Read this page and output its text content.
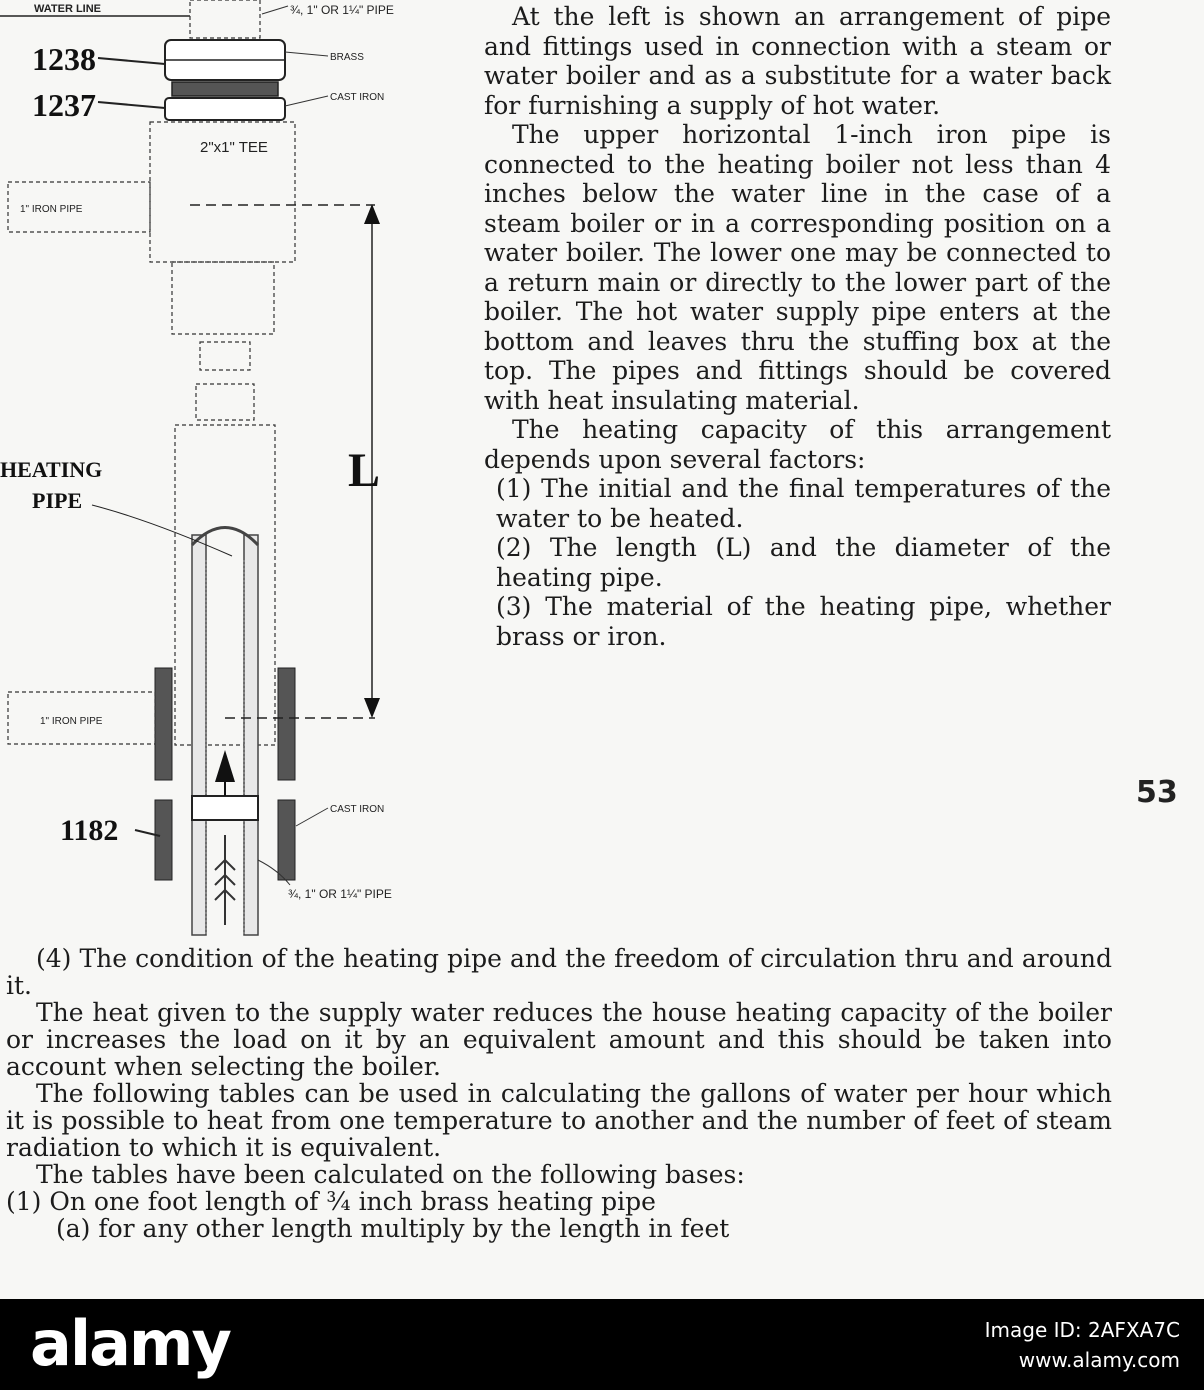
WATER LINE	¾, 1" OR 1¼" PIPE
1238	BRASS
1237	CAST IRON
2"x1" TEE
1" IRON PIPE
HEATING
PIPE
1" IRON PIPE
1182
CAST IRON
¾, 1" OR 1¼" PIPE
L

At the left is shown an arrangement of pipe and fittings used in connection with a steam or water boiler and as a substitute for a water back for furnishing a supply of hot water.

The upper horizontal 1-inch iron pipe is connected to the heating boiler not less than 4 inches below the water line in the case of a steam boiler or in a corresponding position on a water boiler. The lower one may be connected to a return main or directly to the lower part of the boiler. The hot water supply pipe enters at the bottom and leaves thru the stuffing box at the top. The pipes and fittings should be covered with heat insulating material.

The heating capacity of this arrangement depends upon several factors:

(1) The initial and the final temperatures of the water to be heated.

(2) The length (L) and the diameter of the heating pipe.

(3) The material of the heating pipe, whether brass or iron.

53

(4) The condition of the heating pipe and the freedom of circulation thru and around it.

The heat given to the supply water reduces the house heating capacity of the boiler or increases the load on it by an equivalent amount and this should be taken into account when selecting the boiler.

The following tables can be used in calculating the gallons of water per hour which it is possible to heat from one temperature to another and the number of feet of steam radiation to which it is equivalent.

The tables have been calculated on the following bases:

(1) On one foot length of ¾ inch brass heating pipe

(a) for any other length multiply by the length in feet

alamy	Image ID: 2AFXA7C
www.alamy.com
